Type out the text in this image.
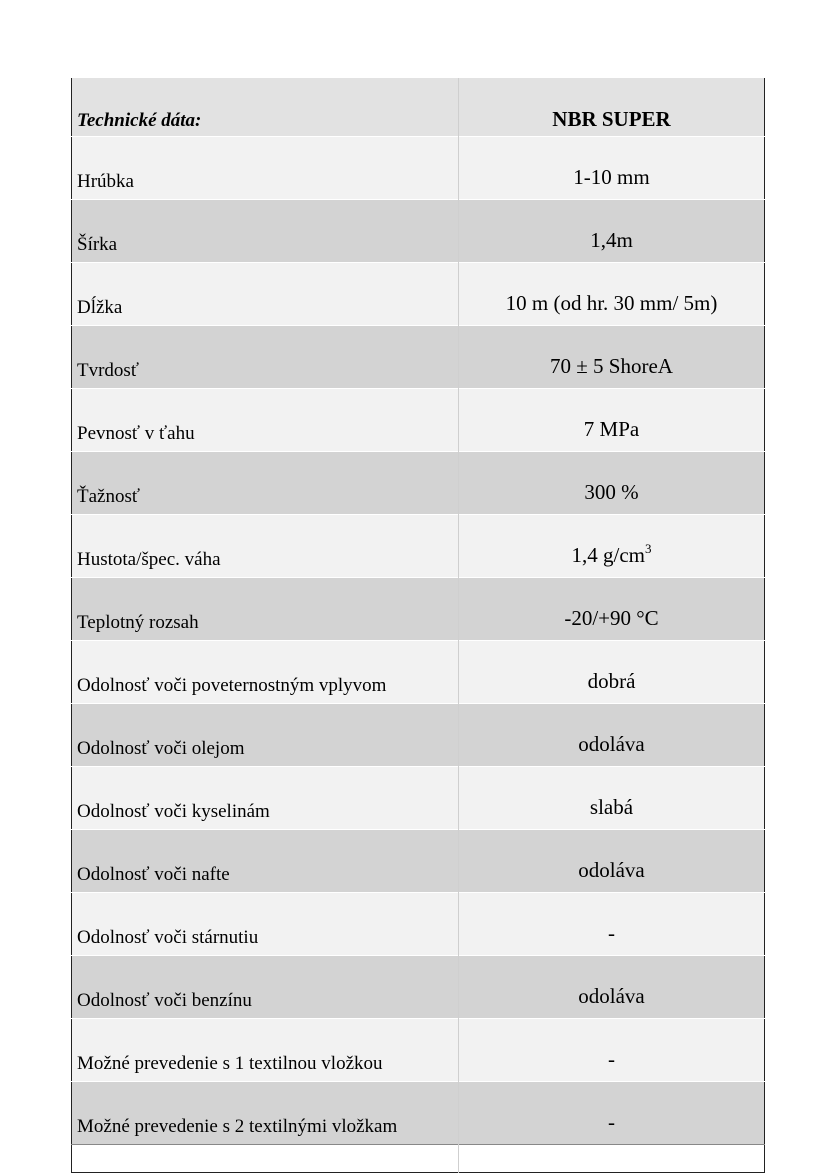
Technické dáta:	NBR SUPER
Hrúbka	1-10 mm
Šírka	1,4m
Dĺžka	10 m (od hr. 30 mm/ 5m)
Tvrdosť	70 ± 5 ShoreA
Pevnosť v ťahu	7 MPa
Ťažnosť	300 %
Hustota/špec. váha	1,4 $g/cm^3$
Teplotný rozsah	-20/+90 °C
Odolnosť voči poveternostným vplyvom	dobrá
Odolnosť voči olejom	odoláva
Odolnosť voči kyselinám	slabá
Odolnosť voči nafte	odoláva
Odolnosť voči stárnutiu	-
Odolnosť voči benzínu	odoláva
Možné prevedenie s 1 textilnou vložkou	-
Možné prevedenie s 2 textilnými vložkam	-
